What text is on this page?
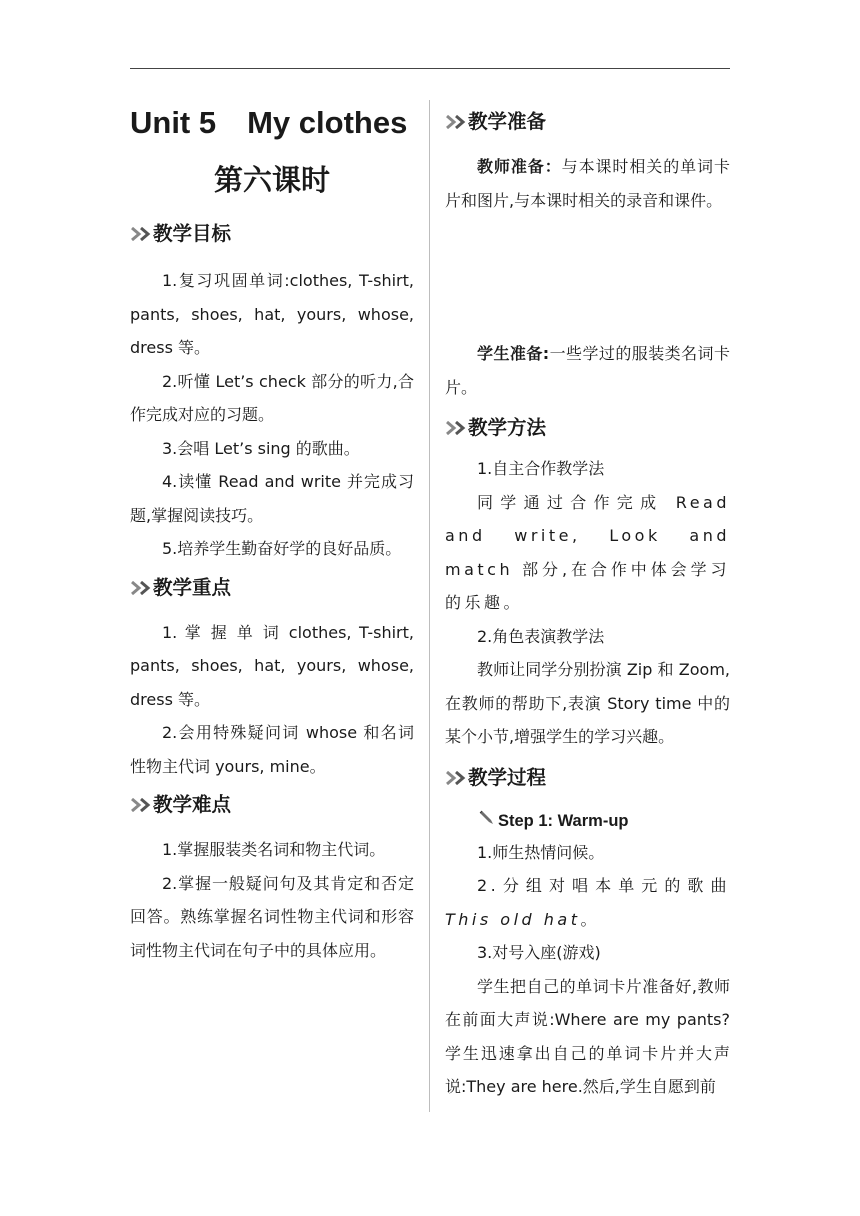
Unit 5　My clothes
第六课时
教学目标

1.复习巩固单词:clothes, T-shirt, pants, shoes, hat, yours, whose, dress 等。

2.听懂 Let’s check 部分的听力,合作完成对应的习题。

3.会唱 Let’s sing 的歌曲。

4.读懂 Read and write 并完成习题,掌握阅读技巧。

5.培养学生勤奋好学的良好品质。

教学重点

1. 掌 握 单 词 clothes, T-shirt, pants, shoes, hat, yours, whose, dress 等。

2.会用特殊疑问词 whose 和名词性物主代词 yours, mine。

教学难点

1.掌握服装类名词和物主代词。

2.掌握一般疑问句及其肯定和否定回答。熟练掌握名词性物主代词和形容词性物主代词在句子中的具体应用。

教学准备

教师准备：与本课时相关的单词卡片和图片,与本课时相关的录音和课件。

学生准备:一些学过的服装类名词卡片。

教学方法

1.自主合作教学法

同学通过合作完成 Read and write, Look and match 部分,在合作中体会学习的乐趣。

2.角色表演教学法

教师让同学分别扮演 Zip 和 Zoom,在教师的帮助下,表演 Story time 中的某个小节,增强学生的学习兴趣。

教学过程
Step 1: Warm-up

1.师生热情问候。

2.分组对唱本单元的歌曲 This old hat。

3.对号入座(游戏)

学生把自己的单词卡片准备好,教师在前面大声说:Where are my pants?学生迅速拿出自己的单词卡片并大声说:They are here.然后,学生自愿到前
